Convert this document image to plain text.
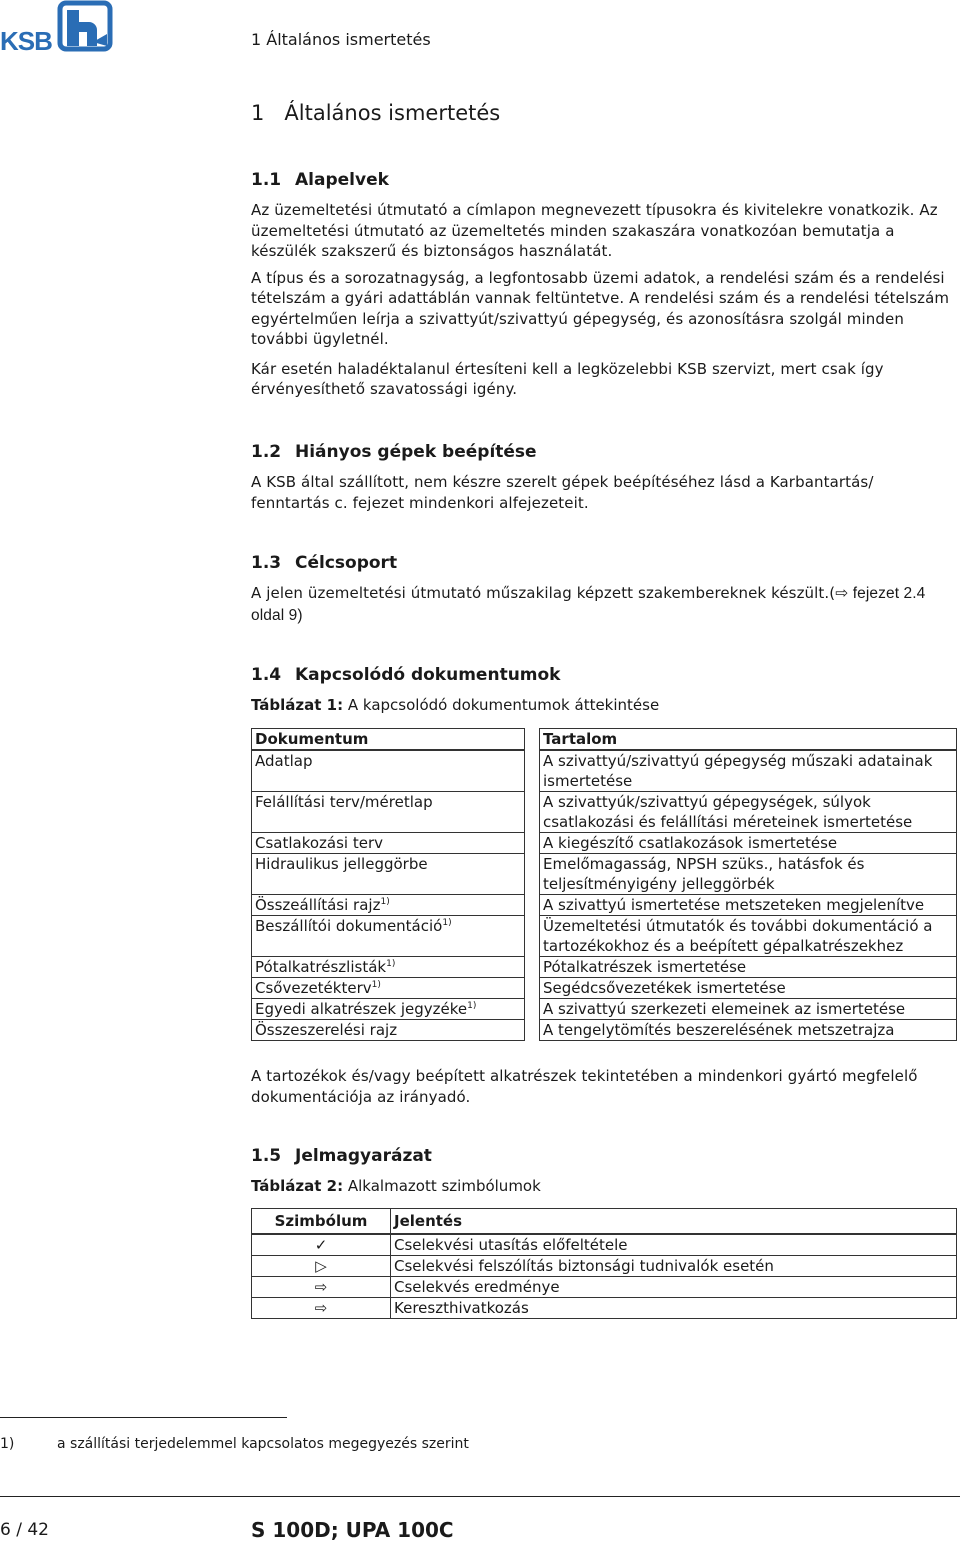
KSB	1 Általános ismertetés
1 Általános ismertetés
1.1 Alapelvek

Az üzemeltetési útmutató a címlapon megnevezett típusokra és kivitelekre vonatkozik. Az üzemeltetési útmutató az üzemeltetés minden szakaszára vonatkozóan bemutatja a készülék szakszerű és biztonságos használatát.

A típus és a sorozatnagyság, a legfontosabb üzemi adatok, a rendelési szám és a rendelési tételszám a gyári adattáblán vannak feltüntetve. A rendelési szám és a rendelési tételszám egyértelműen leírja a szivattyút/szivattyú gépegység, és azonosításra szolgál minden további ügyletnél.

Kár esetén haladéktalanul értesíteni kell a legközelebbi KSB szervizt, mert csak így érvényesíthető szavatossági igény.

1.2 Hiányos gépek beépítése

A KSB által szállított, nem készre szerelt gépek beépítéséhez lásd a Karbantartás/ fenntartás c. fejezet mindenkori alfejezeteit.

1.3 Célcsoport

A jelen üzemeltetési útmutató műszakilag képzett szakembereknek készült.(⇨ fejezet 2.4 oldal 9)

1.4 Kapcsolódó dokumentumok
Táblázat 1: A kapcsolódó dokumentumok áttekintése
Dokumentum		Tartalom
Adatlap		A szivattyú/szivattyú gépegység műszaki adatainak ismertetése
Felállítási terv/méretlap		A szivattyúk/szivattyú gépegységek, súlyok csatlakozási és felállítási méreteinek ismertetése
Csatlakozási terv		A kiegészítő csatlakozások ismertetése
Hidraulikus jelleggörbe		Emelőmagasság, NPSH szüks., hatásfok és teljesítményigény jelleggörbék
Összeállítási rajz$^{1)}$		A szivattyú ismertetése metszeteken megjelenítve
Beszállítói dokumentáció$^{1)}$		Üzemeltetési útmutatók és további dokumentáció a tartozékokhoz és a beépített gépalkatrészekhez
Pótalkatrészlisták$^{1)}$		Pótalkatrészek ismertetése
Csővezetékterv$^{1)}$		Segédcsővezetékek ismertetése
Egyedi alkatrészek jegyzéke$^{1)}$		A szivattyú szerkezeti elemeinek az ismertetése
Összeszerelési rajz		A tengelytömítés beszerelésének metszetrajza

A tartozékok és/vagy beépített alkatrészek tekintetében a mindenkori gyártó megfelelő dokumentációja az irányadó.

1.5 Jelmagyarázat
Táblázat 2: Alkalmazott szimbólumok
Szimbólum	Jelentés
✓	Cselekvési utasítás előfeltétele
▷	Cselekvési felszólítás biztonsági tudnivalók esetén
⇨	Cselekvés eredménye
⇨	Kereszthivatkozás
1)	a szállítási terjedelemmel kapcsolatos megegyezés szerint
6 / 42	S 100D; UPA 100C
